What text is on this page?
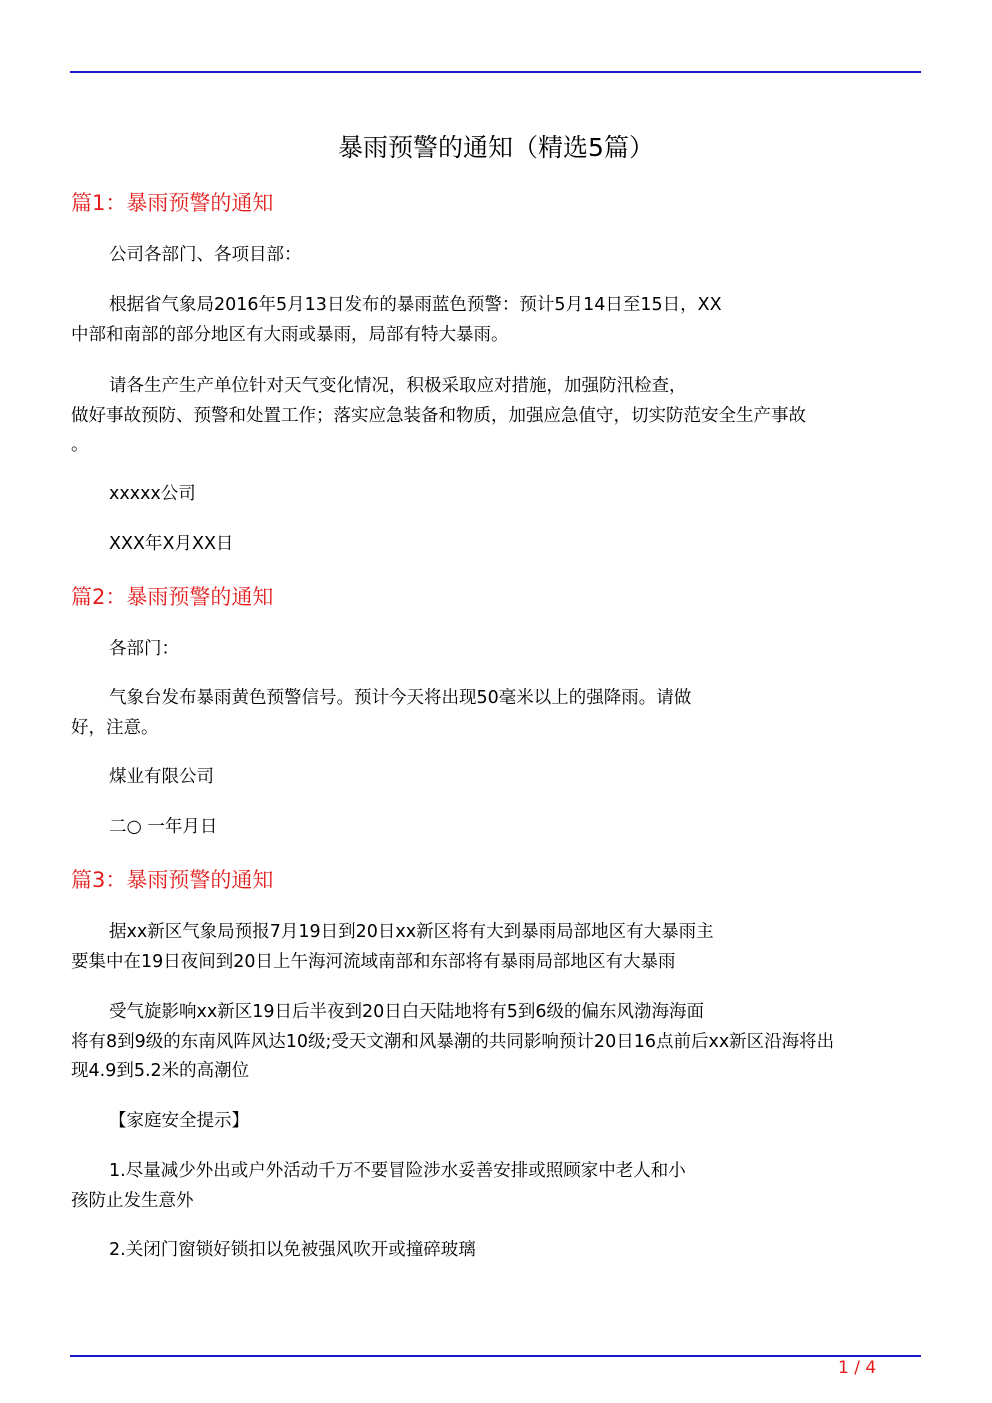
暴雨预警的通知（精选5篇）
篇1：暴雨预警的通知
公司各部门、各项目部：
根据省气象局2016年5月13日发布的暴雨蓝色预警：预计5月14日至15日，XX
中部和南部的部分地区有大雨或暴雨，局部有特大暴雨。
请各生产生产单位针对天气变化情况，积极采取应对措施，加强防汛检查，
做好事故预防、预警和处置工作；落实应急装备和物质，加强应急值守，切实防范安全生产事故
。
xxxxx公司
XXX年X月XX日
篇2：暴雨预警的通知
各部门：
气象台发布暴雨黄色预警信号。预计今天将出现50毫米以上的强降雨。请做
好，注意。
煤业有限公司
二○ 一年月日
篇3：暴雨预警的通知
据xx新区气象局预报7月19日到20日xx新区将有大到暴雨局部地区有大暴雨主
要集中在19日夜间到20日上午海河流域南部和东部将有暴雨局部地区有大暴雨
受气旋影响xx新区19日后半夜到20日白天陆地将有5到6级的偏东风渤海海面
将有8到9级的东南风阵风达10级;受天文潮和风暴潮的共同影响预计20日16点前后xx新区沿海将出
现4.9到5.2米的高潮位
【家庭安全提示】
1.尽量减少外出或户外活动千万不要冒险涉水妥善安排或照顾家中老人和小
孩防止发生意外
2.关闭门窗锁好锁扣以免被强风吹开或撞碎玻璃
1 / 4
